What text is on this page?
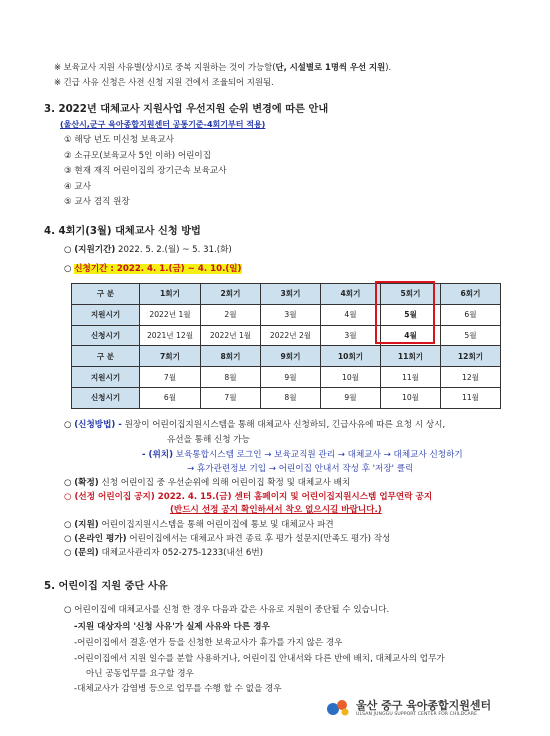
※ 보육교사 지원 사유별(상시)로 중복 지원하는 것이 가능함(단, 시설별로 1명씩 우선 지원).
※ 긴급 사유 신청은 사전 신청 지원 건에서 조율되어 지원됨.
3. 2022년 대체교사 지원사업 우선지원 순위 변경에 따른 안내
(울산시,군구 육아종합지원센터 공통기준-4회기부터 적용)
① 해당 년도 미신청 보육교사
② 소규모(보육교사 5인 이하) 어린이집
③ 현재 재직 어린이집의 장기근속 보육교사
④ 교사
⑤ 교사 겸직 원장
4. 4회기(3월) 대체교사 신청 방법
○ (지원기간) 2022. 5. 2.(월) ~ 5. 31.(화)
○ 신청기간 : 2022. 4. 1.(금) ~ 4. 10.(일)
구 분	1회기	2회기	3회기	4회기	5회기	6회기
지원시기	2022년 1월	2월	3월	4월	5월	6월
신청시기	2021년 12월	2022년 1월	2022년 2월	3월	4월	5월
구 분	7회기	8회기	9회기	10회기	11회기	12회기
지원시기	7월	8월	9월	10월	11월	12월
신청시기	6월	7월	8월	9월	10월	11월
○ (신청방법) - 원장이 어린이집지원시스템을 통해 대체교사 신청하되, 긴급사유에 따른 요청 시 상시,
유선을 통해 신청 가능
- (위치) 보육통합시스템 로그인 → 보육교직원 관리 → 대체교사 → 대체교사 신청하기
→ 휴가관련정보 기입 → 어린이집 안내서 작성 후 '저장' 클릭
○ (확정) 신청 어린이집 중 우선순위에 의해 어린이집 확정 및 대체교사 배치
○ (선정 어린이집 공지) 2022. 4. 15.(금) 센터 홈페이지 및 어린이집지원시스템 업무연락 공지
(반드시 선정 공지 확인하셔서 착오 없으시길 바랍니다.)
○ (지원) 어린이집지원시스템을 통해 어린이집에 통보 및 대체교사 파견
○ (온라인 평가) 어린이집에서는 대체교사 파견 종료 후 평가 설문지(만족도 평가) 작성
○ (문의) 대체교사관리자 052-275-1233(내선 6번)
5. 어린이집 지원 중단 사유
○ 어린이집에 대체교사를 신청 한 경우 다음과 같은 사유로 지원이 중단될 수 있습니다.
-지원 대상자의 '신청 사유'가 실제 사유와 다른 경우
-어린이집에서 결혼·연가 등을 신청한 보육교사가 휴가를 가지 않은 경우
-어린이집에서 지원 일수를 분할 사용하거나, 어린이집 안내서와 다른 반에 배치, 대체교사의 업무가
아닌 공동업무를 요구할 경우
-대체교사가 감염병 등으로 업무를 수행 할 수 없을 경우
울산 중구 육아종합지원센터
ULSAN JUNGGU SUPPORT CENTER FOR CHILDCARE
